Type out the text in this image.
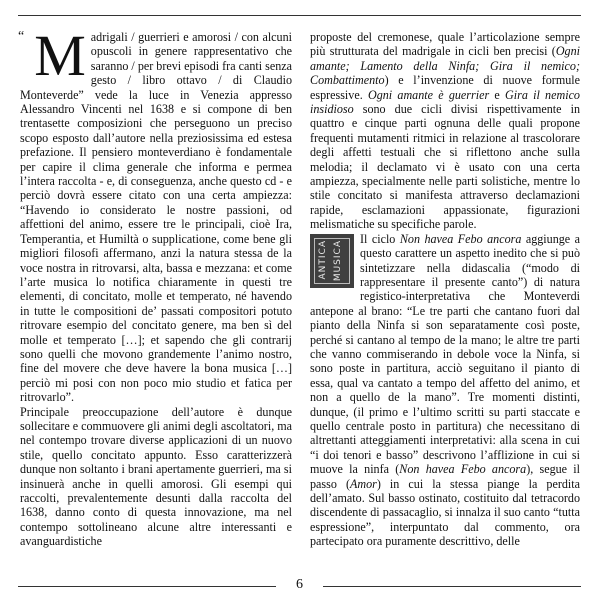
“ M adrigali / guerrieri e amorosi / con alcuni opuscoli in genere rappresentativo che saranno / per brevi episodi fra canti senza gesto / libro ottavo / di Claudio Monteverde” vede la luce in Venezia appresso Alessandro Vincenti nel 1638 e si compone di ben trentasette composizioni che perseguono un preciso scopo esposto dall’autore nella preziosissima ed estesa prefazione. Il pensiero monteverdiano è fondamentale per capire il clima generale che informa e permea l’intera raccolta - e, di conseguenza, anche questo cd - e perciò dovrà essere citato con una certa ampiezza: “Havendo io considerato le nostre passioni, od affettioni del animo, essere tre le principali, cioè Ira, Temperantia, et Humiltà o supplicatione, come bene gli migliori filosofi affermano, anzi la natura stessa de la voce nostra in ritrovarsi, alta, bassa e mezzana: et come l’arte musica lo notifica chiaramente in questi tre elementi, di concitato, molle et temperato, né havendo in tutte le compositioni de’ passati compositori potuto ritrovare esempio del concitato genere, ma ben sì del molle et temperato […]; et sapendo che gli contrarij sono quelli che movono grandemente l’animo nostro, fine del movere che deve havere la bona musica […] perciò mi posi con non poco mio studio et fatica per ritrovarlo”.

Principale preoccupazione dell’autore è dunque sollecitare e commuovere gli animi degli ascoltatori, ma nel contempo trovare diverse applicazioni di un nuovo stile, quello concitato appunto. Esso caratterizzerà dunque non soltanto i brani apertamente guerrieri, ma si insinuerà anche in quelli amorosi. Gli esempi qui raccolti, prevalentemente desunti dalla raccolta del 1638, danno conto di questa innovazione, ma nel contempo sottolineano alcune altre interessanti e avanguardistiche

proposte del cremonese, quale l’articolazione sempre più strutturata del madrigale in cicli ben precisi (Ogni amante; Lamento della Ninfa; Gira il nemico; Combattimento) e l’invenzione di nuove formule espressive. Ogni amante è guerrier e Gira il nemico insidioso sono due cicli divisi rispettivamente in quattro e cinque parti ognuna delle quali propone frequenti mutamenti ritmici in relazione al trascolorare degli affetti testuali che si riflettono anche sulla melodia; il declamato vi è usato con una certa ampiezza, specialmente nelle parti solistiche, mentre lo stile concitato si manifesta attraverso declamazioni rapide, esclamazioni appassionate, figurazioni melismatiche su specifiche parole.

Il ciclo Non havea Febo ancora
ANTICA MUSICA
aggiunge a questo carattere un aspetto inedito che si può sintetizzare nella didascalia (“modo di rappresentare il presente canto”) di natura registico-interpretativa che Monteverdi antepone al brano: “Le tre parti che cantano fuori dal pianto della Ninfa si son separatamente così poste, perché si cantano al tempo de la mano; le altre tre parti che vanno commiserando in debole voce la Ninfa, si sono poste in partitura, acciò seguitano il pianto di essa, qual va cantato a tempo del affetto del animo, et non a quello de la mano”. Tre momenti distinti, dunque, (il primo e l’ultimo scritti su parti staccate e quello centrale posto in partitura) che necessitano di altrettanti atteggiamenti interpretativi: alla scena in cui “i doi tenori e basso” descrivono l’afflizione in cui si muove la ninfa (Non havea Febo ancora), segue il passo (Amor) in cui la stessa piange la perdita dell’amato. Sul basso ostinato, costituito dal tetracordo discendente di passacaglio, si innalza il suo canto “tutta espressione”, interpuntato dal commento, ora partecipato ora puramente descrittivo, delle

6
